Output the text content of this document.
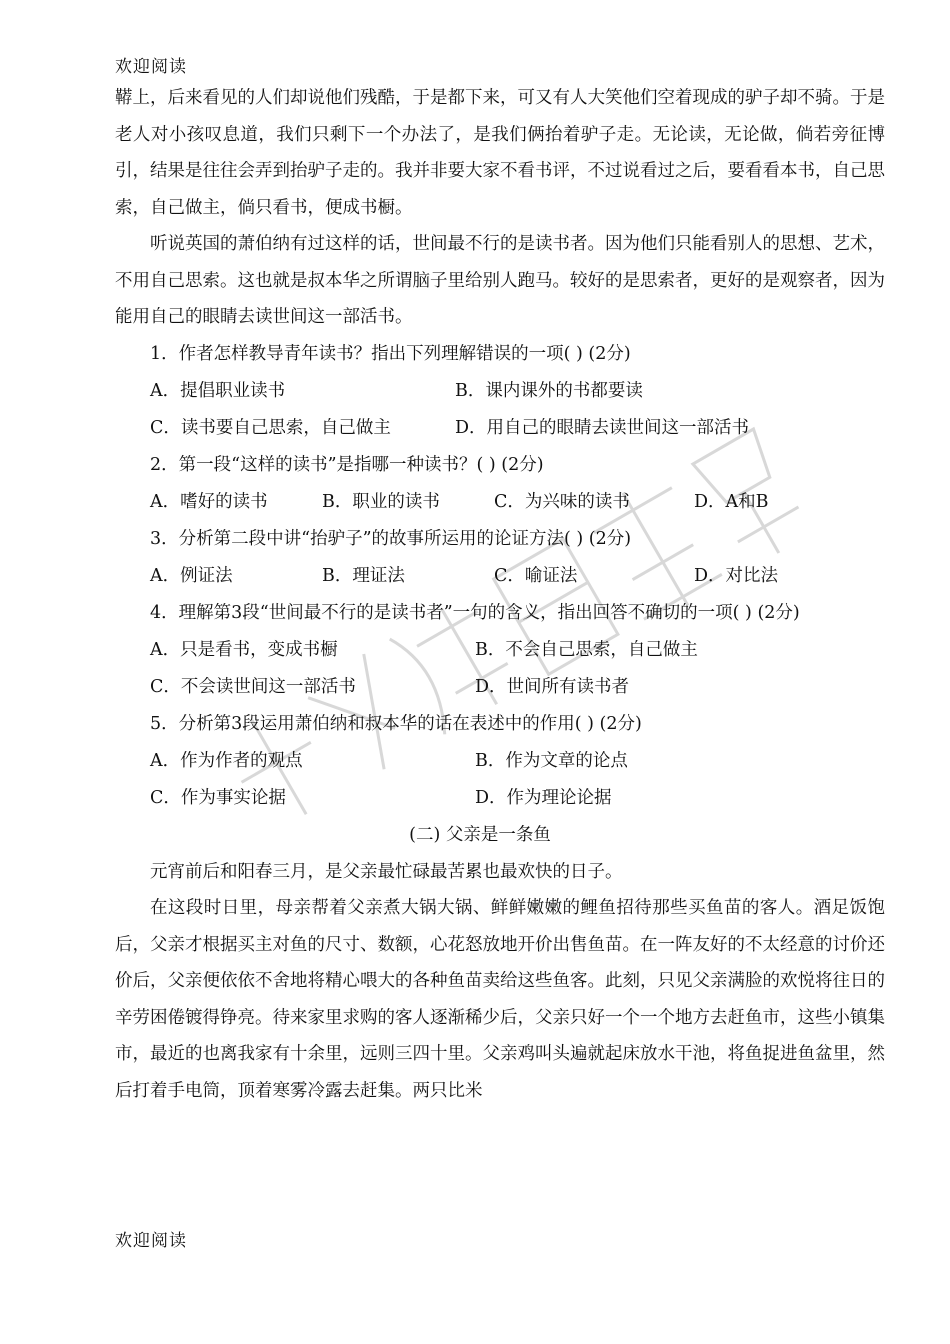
欢迎阅读

鞯上，后来看见的人们却说他们残酷，于是都下来，可又有人大笑他们空着现成的驴子却不骑。于是老人对小孩叹息道，我们只剩下一个办法了，是我们俩抬着驴子走。无论读，无论做，倘若旁征博引，结果是往往会弄到抬驴子走的。我并非要大家不看书评，不过说看过之后，要看看本书，自己思索，自己做主，倘只看书，便成书橱。

听说英国的萧伯纳有过这样的话，世间最不行的是读书者。因为他们只能看别人的思想、艺术，不用自己思索。这也就是叔本华之所谓脑子里给别人跑马。较好的是思索者，更好的是观察者，因为能用自己的眼睛去读世间这一部活书。

1．作者怎样教导青年读书？指出下列理解错误的一项( ) (2分)

A．提倡职业读书	B．课内课外的书都要读
C．读书要自己思索，自己做主	D．用自己的眼睛去读世间这一部活书

2．第一段“这样的读书”是指哪一种读书？( ) (2分)

A．嗜好的读书	B．职业的读书	C．为兴味的读书	D．A和B

3．分析第二段中讲“抬驴子”的故事所运用的论证方法( ) (2分)

A．例证法	B．理证法	C．喻证法	D．对比法

4．理解第3段“世间最不行的是读书者”一句的含义，指出回答不确切的一项( ) (2分)

A．只是看书，变成书橱	B．不会自己思索，自己做主
C．不会读世间这一部活书	D．世间所有读书者

5．分析第3段运用萧伯纳和叔本华的话在表述中的作用( ) (2分)

A．作为作者的观点	B．作为文章的论点
C．作为事实论据	D．作为理论论据

(二) 父亲是一条鱼

元宵前后和阳春三月，是父亲最忙碌最苦累也最欢快的日子。

在这段时日里，母亲帮着父亲煮大锅大锅、鲜鲜嫩嫩的鲤鱼招待那些买鱼苗的客人。酒足饭饱后，父亲才根据买主对鱼的尺寸、数额，心花怒放地开价出售鱼苗。在一阵友好的不太经意的讨价还价后，父亲便依依不舍地将精心喂大的各种鱼苗卖给这些鱼客。此刻，只见父亲满脸的欢悦将往日的辛劳困倦镀得铮亮。待来家里求购的客人逐渐稀少后，父亲只好一个一个地方去赶鱼市，这些小镇集市，最近的也离我家有十余里，远则三四十里。父亲鸡叫头遍就起床放水干池，将鱼捉进鱼盆里，然后打着手电筒，顶着寒雾冷露去赶集。两只比米

欢迎阅读
